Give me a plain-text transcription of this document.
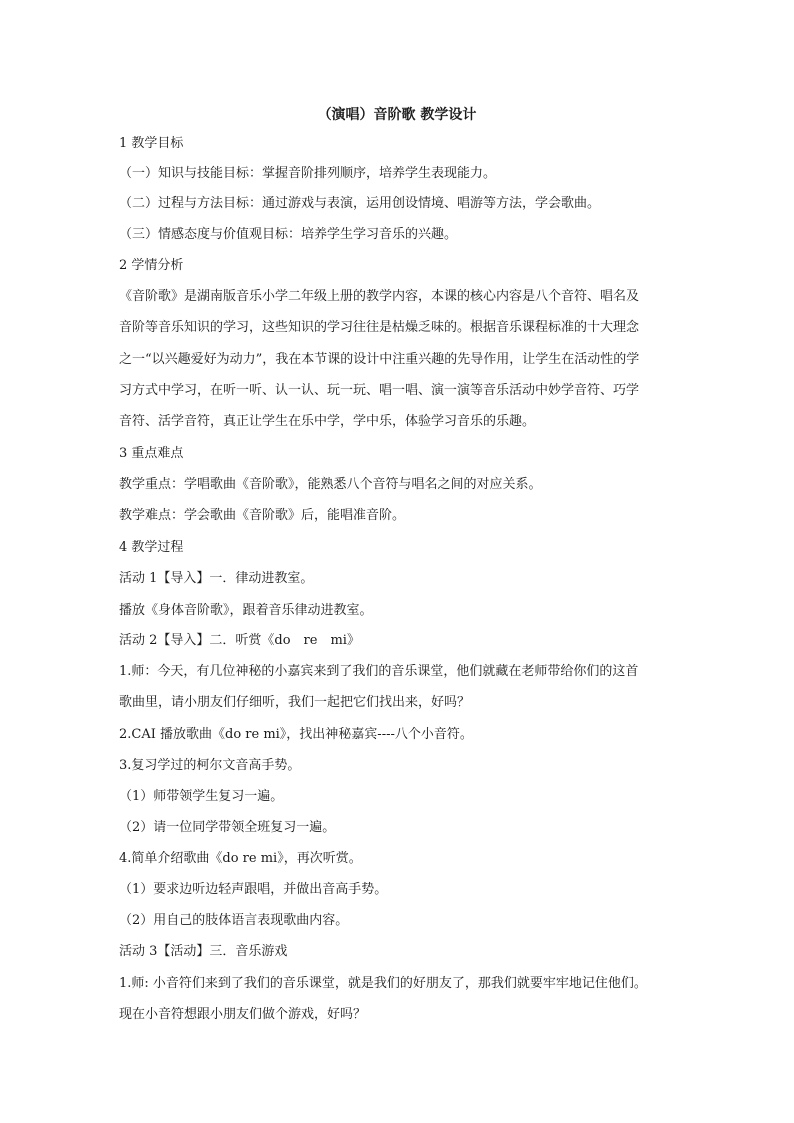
（演唱）音阶歌 教学设计
1 教学目标
（一）知识与技能目标：掌握音阶排列顺序，培养学生表现能力。
（二）过程与方法目标：通过游戏与表演，运用创设情境、唱游等方法，学会歌曲。
（三）情感态度与价值观目标：培养学生学习音乐的兴趣。
2 学情分析
《音阶歌》是湖南版音乐小学二年级上册的教学内容，本课的核心内容是八个音符、唱名及
音阶等音乐知识的学习，这些知识的学习往往是枯燥乏味的。根据音乐课程标准的十大理念
之一“以兴趣爱好为动力”，我在本节课的设计中注重兴趣的先导作用，让学生在活动性的学
习方式中学习，在听一听、认一认、玩一玩、唱一唱、演一演等音乐活动中妙学音符、巧学
音符、活学音符，真正让学生在乐中学，学中乐，体验学习音乐的乐趣。
3 重点难点
教学重点：学唱歌曲《音阶歌》，能熟悉八个音符与唱名之间的对应关系。
教学难点：学会歌曲《音阶歌》后，能唱准音阶。
4 教学过程
活动 1【导入】一．律动进教室。
播放《身体音阶歌》，跟着音乐律动进教室。
活动 2【导入】二．听赏《do　re　mi》
1.师：今天，有几位神秘的小嘉宾来到了我们的音乐课堂，他们就藏在老师带给你们的这首
歌曲里，请小朋友们仔细听，我们一起把它们找出来，好吗？
2.CAI 播放歌曲《do re mi》，找出神秘嘉宾----八个小音符。
3.复习学过的柯尔文音高手势。
（1）师带领学生复习一遍。
（2）请一位同学带领全班复习一遍。
4.简单介绍歌曲《do re mi》，再次听赏。
（1）要求边听边轻声跟唱，并做出音高手势。
（2）用自己的肢体语言表现歌曲内容。
活动 3【活动】三．音乐游戏
1.师: 小音符们来到了我们的音乐课堂，就是我们的好朋友了，那我们就要牢牢地记住他们。
现在小音符想跟小朋友们做个游戏，好吗？
